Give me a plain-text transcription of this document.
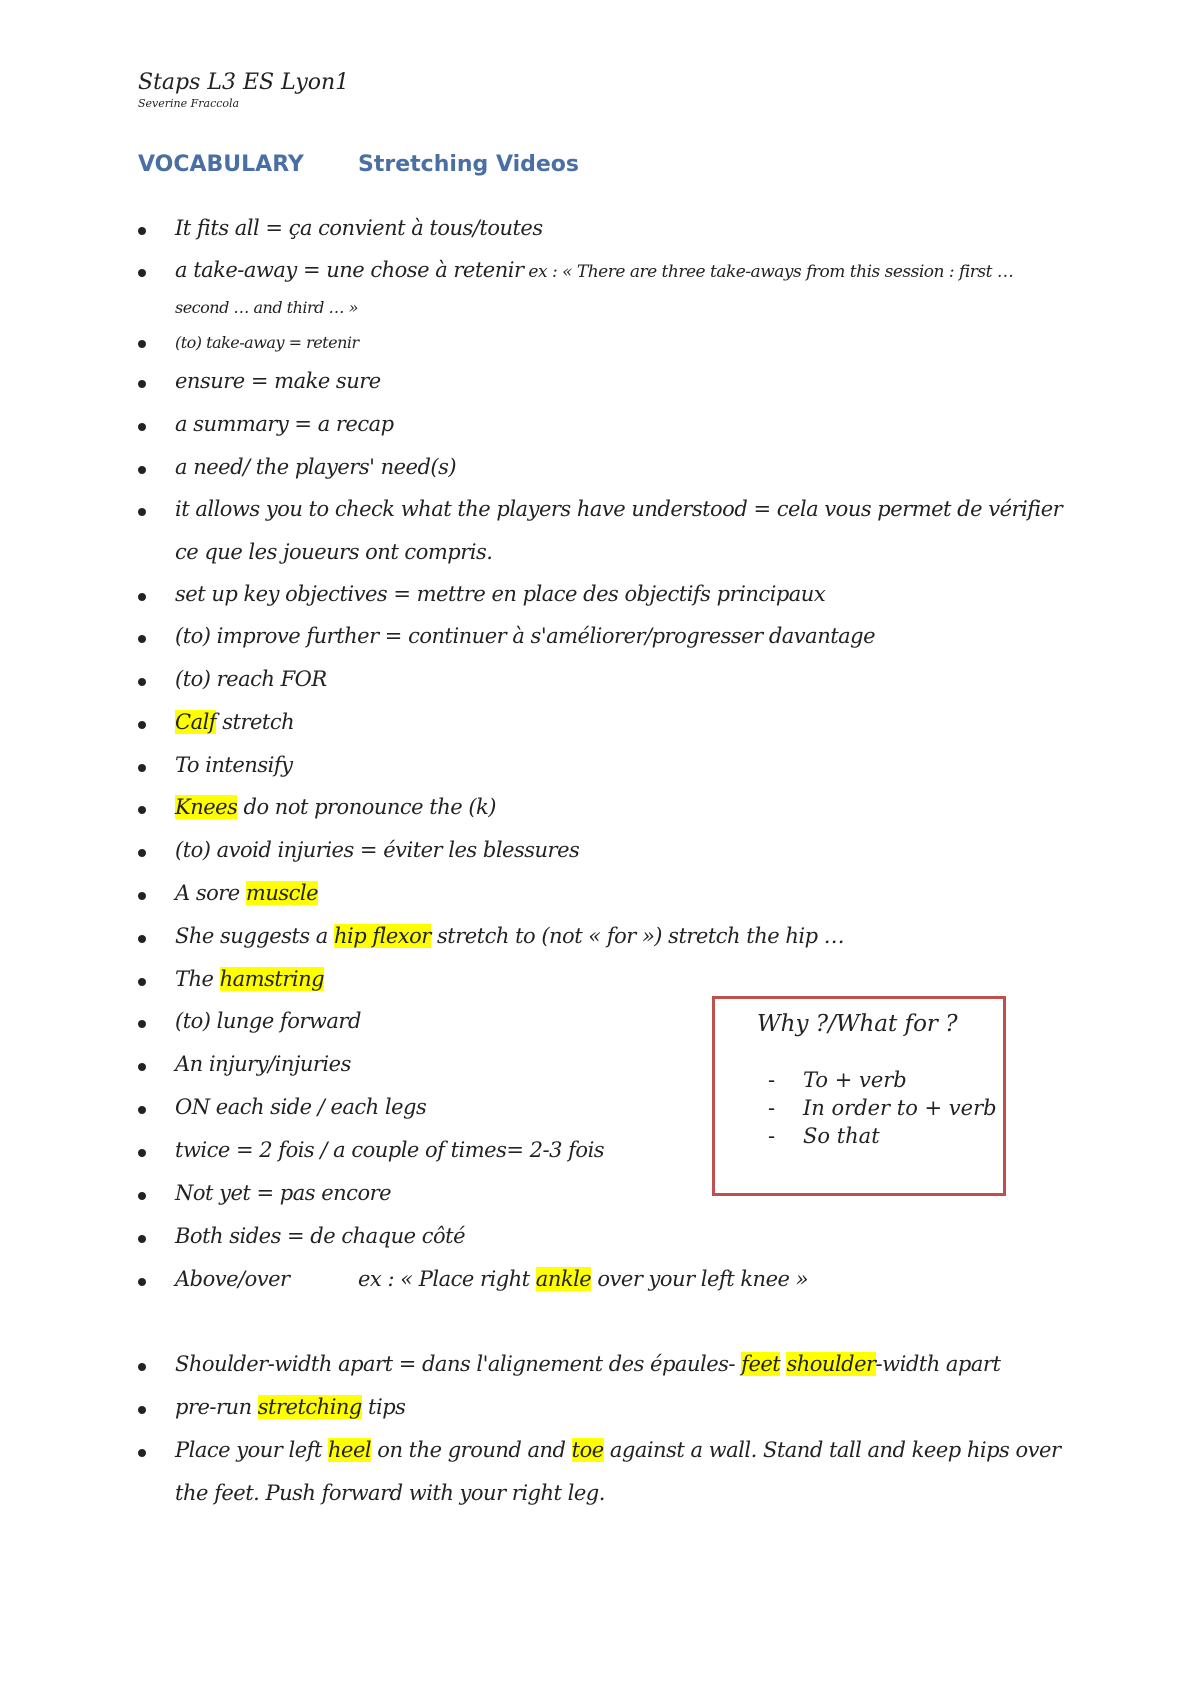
Staps L3 ES Lyon1
Severine Fraccola
VOCABULARY Stretching Videos
It fits all = ça convient à tous/toutes
a take-away = une chose à retenir ex : « There are three take-aways from this session : first …
second … and third … »
(to) take-away = retenir
ensure = make sure
a summary = a recap
a need/ the players' need(s)
it allows you to check what the players have understood = cela vous permet de vérifier
ce que les joueurs ont compris.
set up key objectives = mettre en place des objectifs principaux
(to) improve further = continuer à s'améliorer/progresser davantage
(to) reach FOR
Calf stretch
To intensify
Knees do not pronounce the (k)
(to) avoid injuries = éviter les blessures
A sore muscle
She suggests a hip flexor stretch to (not « for ») stretch the hip …
The hamstring
(to) lunge forward
An injury/injuries
ON each side / each legs
twice = 2 fois / a couple of times= 2-3 fois
Not yet = pas encore
Both sides = de chaque côté
Above/over	ex : « Place right ankle over your left knee »
Shoulder-width apart = dans l'alignement des épaules- feet shoulder-width apart
pre-run stretching tips
Place your left heel on the ground and toe against a wall. Stand tall and keep hips over
the feet. Push forward with your right leg.
Why ?/What for ?
- To + verb
- In order to + verb
- So that
